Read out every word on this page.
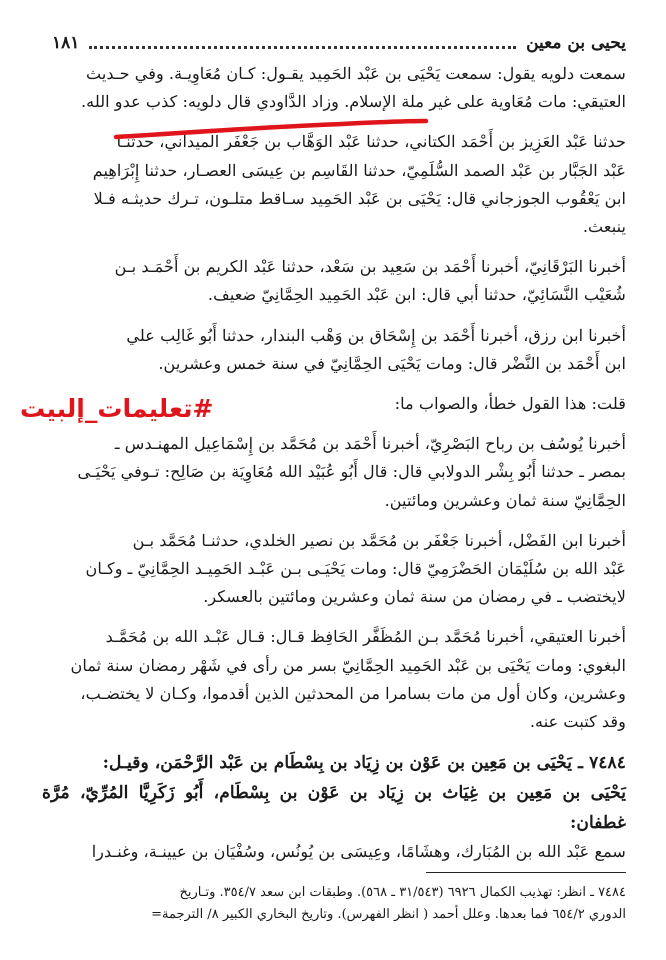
يحيى بن معين
١٨١

سمعت دلويه يقول: سمعت يَحْيَى بن عَبْد الحَمِيد يقـول: كـان مُعَاوِيـة. وفي حـديث

العتيقي: مات مُعَاوية على غير ملة الإسلام. وزاد الدَّاودي قال دلويه: كذب عدو الله.

حدثنا عَبْد العَزِيز بن أَحْمَد الكتاني، حدثنا عَبْد الوَهَّاب بن جَعْفَر الميداني، حدثنـا

عَبْد الجَبَّار بن عَبْد الصمد السُّلَمِيّ، حدثنا القَاسِم بن عِيسَى العصـار، حدثنا إِبْرَاهِيم

ابن يَعْقُوب الجوزجاني قال: يَحْيَى بن عَبْد الحَمِيد سـاقط متلـون، تـرك حديثـه فـلا

ينبعث.

أخبرنا البَرْقَانِيّ، أخبرنا أَحْمَد بن سَعِيد بن سَعْد، حدثنا عَبْد الكريم بن أَحْمَـد بـن

شُعَيْب النَّسَائِيّ، حدثنا أبي قال: ابن عَبْد الحَمِيد الحِمَّانِيّ ضعيف.

أخبرنا ابن رزق، أخبرنا أَحْمَد بن إِسْحَاق بن وَهْب البندار، حدثنا أَبُو غَالِب علي

ابن أَحْمَد بن النَّضْر قال: ومات يَحْيَى الحِمَّانِيّ في سنة خمس وعشرين.

قلت: هذا القول خطأ، والصواب ما:

أخبرنا يُوسُف بن رباح البَصْرِيّ، أخبرنا أَحْمَد بن مُحَمَّد بن إِسْمَاعِيل المهنـدس ـ

بمصر ـ حدثنا أَبُو بِشْر الدولابي قال: قال أَبُو عُبَيْد الله مُعَاوِيَة بن صَالِح: تـوفي يَحْيَـى

الحِمَّانِيّ سنة ثمان وعشرين ومائتين.

أخبرنا ابن الفَضْل، أخبرنا جَعْفَر بن مُحَمَّد بن نصير الخلدي، حدثنـا مُحَمَّد بـن

عَبْد الله بن سُلَيْمَان الحَضْرَمِيّ قال: ومات يَحْيَـى بـن عَبْـد الحَمِيـد الحِمَّانِيّ ـ وكـان

لايختضب ـ في رمضان من سنة ثمان وعشرين ومائتين بالعسكر.

أخبرنا العتيقي، أخبرنا مُحَمَّد بـن المُظَفَّر الحَافِظ قـال: قـال عَبْـد الله بن مُحَمَّـد

البغوي: ومات يَحْيَى بن عَبْد الحَمِيد الحِمَّانِيّ بسر من رأى في شَهْر رمضان سنة ثمان

وعشرين، وكان أول من مات بسامرا من المحدثين الذين أقدموا، وكـان لا يختضـب،

وقد كتبت عنه.

٧٤٨٤ ـ يَحْيَى بن مَعِين بن عَوْن بن زِيَاد بن بِسْطَام بن عَبْد الرَّحْمَن، وقيـل:

يَحْيَى بن مَعِين بن غِيَاث بن زِيَاد بن عَوْن بن بِسْطَام، أَبُو زَكَرِيَّا المُرِّيّ، مُرَّة غطفان:

سمع عَبْد الله بن المُبَارك، وهشَامًا، وعِيسَى بن يُونُس، وسُفْيَان بن عيينـة، وغنـدرا

#تعليمات_إلبيت

٧٤٨٤ ـ انظر: تهذيب الكمال ٦٩٢٦ (٣١/٥٤٣ ـ ٥٦٨). وطبقات ابن سعد ٣٥٤/٧. وتـاريخ

الدوري ٦٥٤/٢ فما بعدها. وعلل أحمد ( انظر الفهرس). وتاريخ البخاري الكبير ٨/ الترجمة=
